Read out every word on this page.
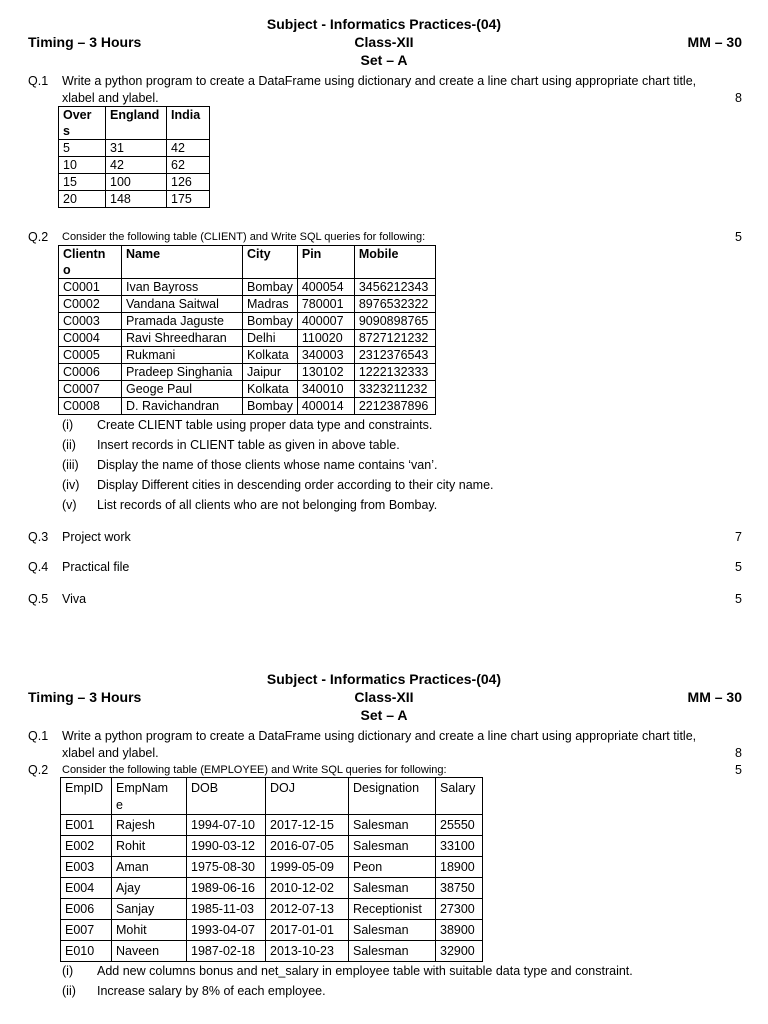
Subject - Informatics Practices-(04)
Timing – 3 Hours	Class-XII	MM – 30
Set – A
Q.1 Write a python program to create a DataFrame using dictionary and create a line chart using appropriate chart title,
xlabel and ylabel.	8
Over
s	England	India
5	31	42
10	42	62
15	100	126
20	148	175
Q.2 Consider the following table (CLIENT) and Write SQL queries for following:	5
Clientn
o	Name	City	Pin	Mobile
C0001	Ivan Bayross	Bombay	400054	3456212343
C0002	Vandana Saitwal	Madras	780001	8976532322
C0003	Pramada Jaguste	Bombay	400007	9090898765
C0004	Ravi Shreedharan	Delhi	110020	8727121232
C0005	Rukmani	Kolkata	340003	2312376543
C0006	Pradeep Singhania	Jaipur	130102	1222132333
C0007	Geoge Paul	Kolkata	340010	3323211232
C0008	D. Ravichandran	Bombay	400014	2212387896
(i) Create CLIENT table using proper data type and constraints.
(ii) Insert records in CLIENT table as given in above table.
(iii) Display the name of those clients whose name contains ‘van’.
(iv) Display Different cities in descending order according to their city name.
(v) List records of all clients who are not belonging from Bombay.
Q.3 Project work	7
Q.4 Practical file	5
Q.5 Viva	5
Subject - Informatics Practices-(04)
Timing – 3 Hours	Class-XII	MM – 30
Set – A
Q.1 Write a python program to create a DataFrame using dictionary and create a line chart using appropriate chart title,
xlabel and ylabel.	8
Q.2 Consider the following table (EMPLOYEE) and Write SQL queries for following:	5
EmpID	EmpNam
e	DOB	DOJ	Designation	Salary
E001	Rajesh	1994-07-10	2017-12-15	Salesman	25550
E002	Rohit	1990-03-12	2016-07-05	Salesman	33100
E003	Aman	1975-08-30	1999-05-09	Peon	18900
E004	Ajay	1989-06-16	2010-12-02	Salesman	38750
E006	Sanjay	1985-11-03	2012-07-13	Receptionist	27300
E007	Mohit	1993-04-07	2017-01-01	Salesman	38900
E010	Naveen	1987-02-18	2013-10-23	Salesman	32900
(i) Add new columns bonus and net_salary in employee table with suitable data type and constraint.
(ii) Increase salary by 8% of each employee.
